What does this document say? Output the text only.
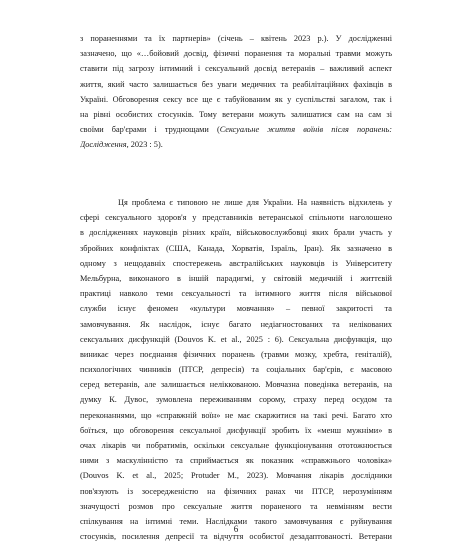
з пораненнями та їх партнерів» (січень – квітень 2023 р.). У дослідженні
зазначено, що «…бойовий досвід, фізичні поранення та моральні травми можуть
ставити під загрозу інтимний і сексуальний досвід ветеранів – важливий аспект
життя, який часто залишається без уваги медичних та реабілітаційних фахівців в
Україні. Обговорення сексу все ще є табуйованим як у суспільстві загалом, так і
на рівні особистих стосунків. Тому ветерани можуть залишатися сам на сам зі
своїми бар'єрами і труднощами (Сексуальне життя воїнів після поранень:
Дослідження, 2023 : 5).
Ця проблема є типовою не лише для України. На наявність відхилень у
сфері сексуального здоров'я у представників ветеранської спільноти наголошено
в дослідженнях науковців різних країн, військовослужбовці яких брали участь у
збройних конфліктах (США, Канада, Хорватія, Ізраїль, Іран). Як зазначено в
одному з нещодавніх спостережень австралійських науковців із Університету
Мельбурна, виконаного в іншій парадигмі, у світовій медичній і життєвій
практиці навколо теми сексуальності та інтимного життя після військової
служби існує феномен «культури мовчання» – певної закритості та
замовчування. Як наслідок, існує багато недіагностованих та нелікованих
сексуальних дисфункцій (Douvos K. et al., 2025 : 6). Сексуальна дисфункція, що
виникає через поєднання фізичних поранень (травми мозку, хребта, геніталій),
психологічних чинників (ПТСР, депресія) та соціальних бар'єрів, є масовою
серед ветеранів, але залишається неліккованою. Мовчазна поведінка ветеранів, на
думку К. Дувос, зумовлена переживанням сорому, страху перед осудом та
переконаннями, що «справжній воїн» не має скаржитися на такі речі. Багато хто
боїться, що обговорення сексуальної дисфункції зробить їх «менш мужніми» в
очах лікарів чи побратимів, оскільки сексуальне функціонування ототожнюється
ними з маскулінністю та сприймається як показник «справжнього чоловіка»
(Douvos K. et al., 2025; Protuder M., 2023). Мовчання лікарів дослідники
пов'язують із зосередженістю на фізичних ранах чи ПТСР, нерозумінням
значущості розмов про сексуальне життя пораненого та невмінням вести
спілкування на інтимні теми. Наслідками такого замовчування є руйнування
стосунків, посилення депресії та відчуття особистої дезадаптованості. Ветерани
6
